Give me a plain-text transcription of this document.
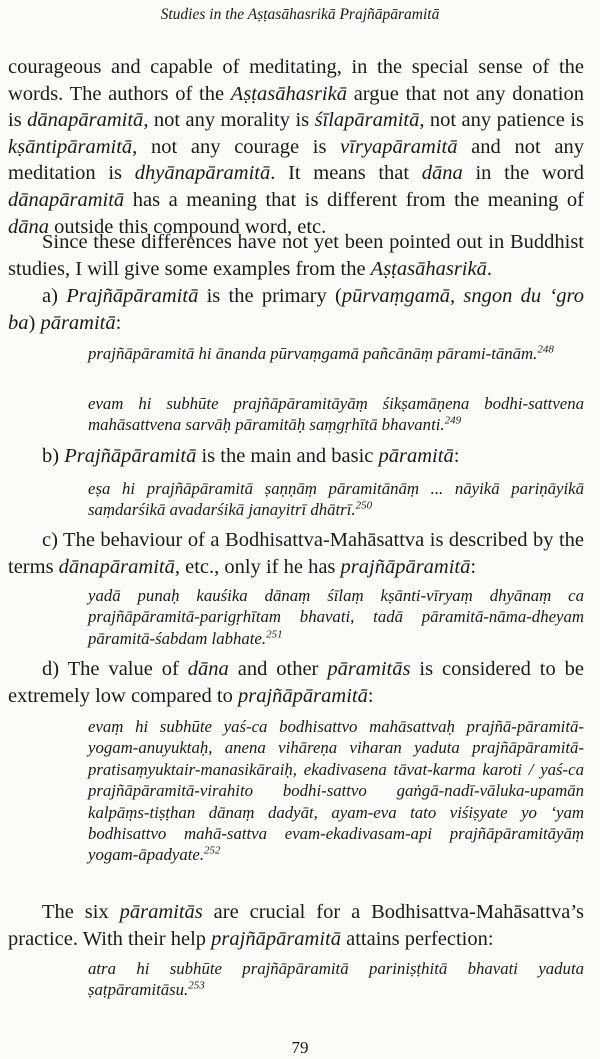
Studies in the Aṣṭasāhasrikā Prajñāpāramitā

courageous and capable of meditating, in the special sense of the words. The authors of the Aṣṭasāhasrikā argue that not any donation is dānapāramitā, not any morality is śīlapāramitā, not any patience is kṣāntipāramitā, not any courage is vīryapāramitā and not any meditation is dhyānapāramitā. It means that dāna in the word dānapāramitā has a meaning that is different from the meaning of dāna outside this compound word, etc.

Since these differences have not yet been pointed out in Buddhist studies, I will give some examples from the Aṣṭasāhasrikā.

a) Prajñāpāramitā is the primary (pūrvaṃgamā, sngon du ‘gro ba) pāramitā:

prajñāpāramitā hi ānanda pūrvaṃgamā pañcānāṃ pārami-tānām.$^{248}$

evam hi subhūte prajñāpāramitāyāṃ śikṣamāṇena bodhi-sattvena mahāsattvena sarvāḥ pāramitāḥ saṃgṛhītā bhavanti.$^{249}$

b) Prajñāpāramitā is the main and basic pāramitā:

eṣa hi prajñāpāramitā ṣaṇṇāṃ pāramitānāṃ ... nāyikā pariṇāyikā saṃdarśikā avadarśikā janayitrī dhātrī.$^{250}$

c) The behaviour of a Bodhisattva-Mahāsattva is described by the terms dānapāramitā, etc., only if he has prajñāpāramitā:

yadā punaḥ kauśika dānaṃ śīlaṃ kṣānti-vīryaṃ dhyānaṃ ca prajñāpāramitā-parigṛhītam bhavati, tadā pāramitā-nāma-dheyam pāramitā-śabdam labhate.$^{251}$

d) The value of dāna and other pāramitās is considered to be extremely low compared to prajñāpāramitā:

evaṃ hi subhūte yaś-ca bodhisattvo mahāsattvaḥ prajñā-pāramitā-yogam-anuyuktaḥ, anena vihāreṇa viharan yaduta prajñāpāramitā-pratisaṃyuktair-manasikāraiḥ, ekadivasena tāvat-karma karoti / yaś-ca prajñāpāramitā-virahito bodhi-sattvo gaṅgā-nadī-vāluka-upamān kalpāṃs-tiṣṭhan dānaṃ dadyāt, ayam-eva tato viśiṣyate yo ‘yam bodhisattvo mahā-sattva evam-ekadivasam-api prajñāpāramitāyāṃ yogam-āpadyate.$^{252}$

The six pāramitās are crucial for a Bodhisattva-Mahāsattva’s practice. With their help prajñāpāramitā attains perfection:

atra hi subhūte prajñāpāramitā pariniṣṭhitā bhavati yaduta ṣaṭpāramitāsu.$^{253}$

79
